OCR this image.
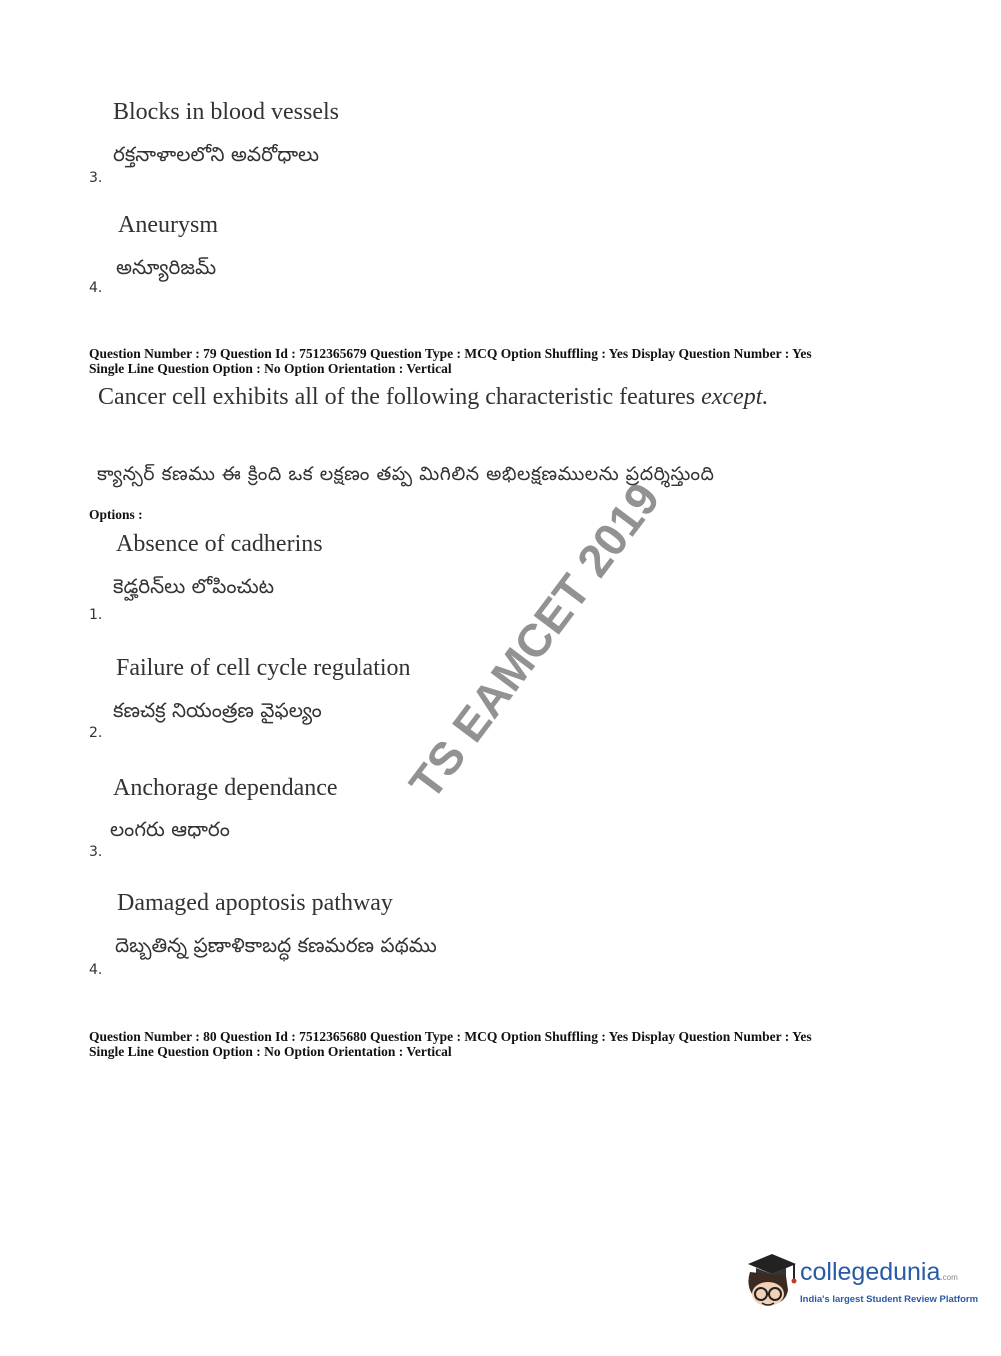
Blocks in blood vessels
రక్తనాళాలలోని అవరోధాలు
3.
Aneurysm
అన్యూరిజమ్
4.
Question Number : 79 Question Id : 7512365679 Question Type : MCQ Option Shuffling : Yes Display Question Number : Yes
Single Line Question Option : No Option Orientation : Vertical
Cancer cell exhibits all of the following characteristic features except.
క్యాన్సర్ కణము ఈ క్రింది ఒక లక్షణం తప్ప మిగిలిన అభిలక్షణములను ప్రదర్శిస్తుంది
Options :
Absence of cadherins
కెడ్హరిన్‌లు లోపించుట
1.
Failure of cell cycle regulation
కణచక్ర నియంత్రణ వైఫల్యం
2.
Anchorage dependance
లంగరు ఆధారం
3.
Damaged apoptosis pathway
దెబ్బతిన్న ప్రణాళికాబద్ధ కణమరణ పథము
4.
Question Number : 80 Question Id : 7512365680 Question Type : MCQ Option Shuffling : Yes Display Question Number : Yes
Single Line Question Option : No Option Orientation : Vertical
TS EAMCET 2019
collegedunia.com
India's largest Student Review Platform
